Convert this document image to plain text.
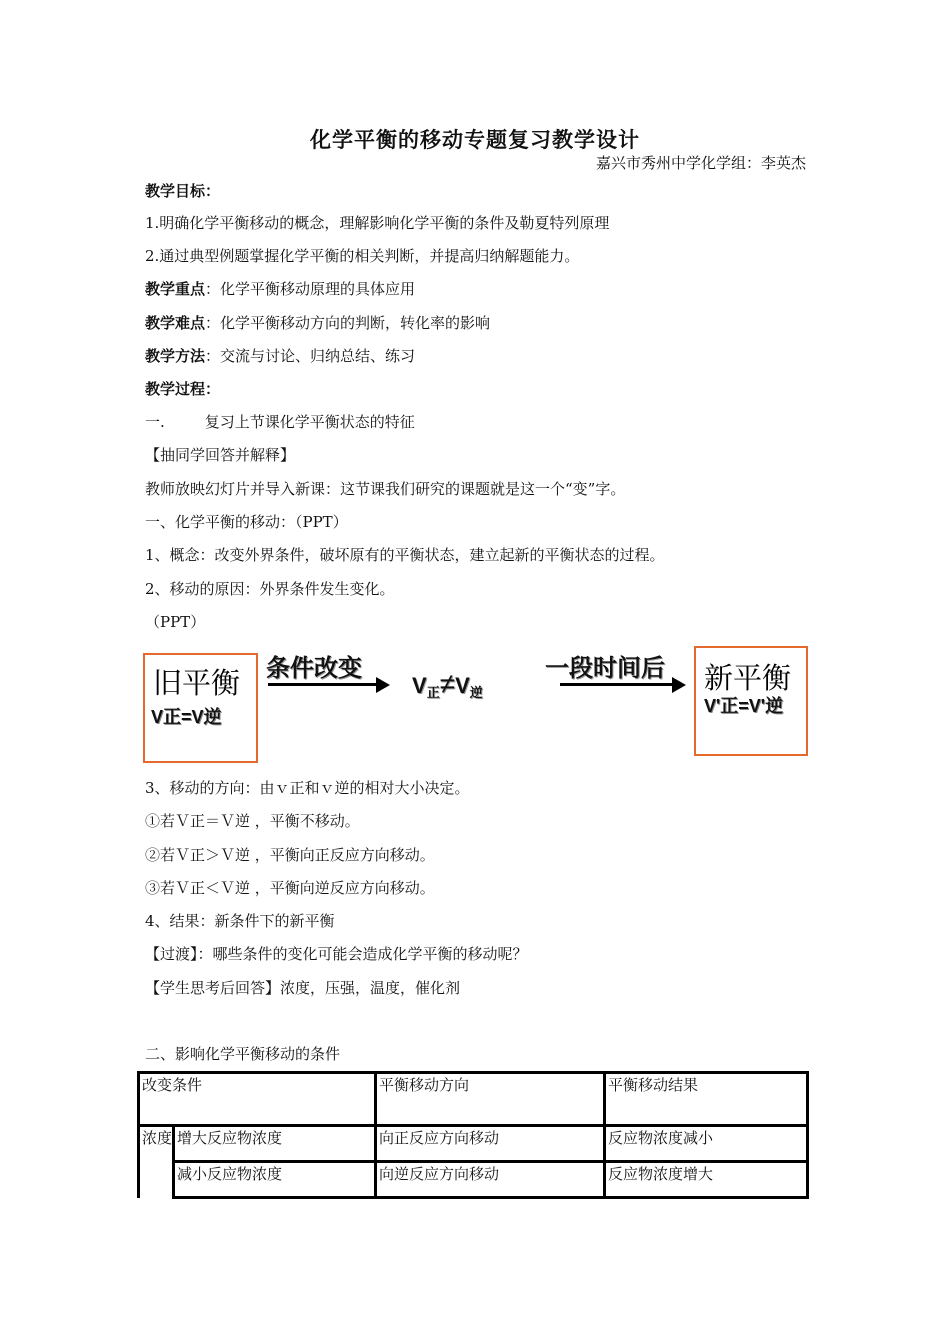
化学平衡的移动专题复习教学设计
嘉兴市秀州中学化学组：李英杰
教学目标：
1.明确化学平衡移动的概念，理解影响化学平衡的条件及勒夏特列原理
2.通过典型例题掌握化学平衡的相关判断，并提高归纳解题能力。
教学重点：化学平衡移动原理的具体应用
教学难点：化学平衡移动方向的判断，转化率的影响
教学方法：交流与讨论、归纳总结、练习
教学过程：
一.	复习上节课化学平衡状态的特征
【抽同学回答并解释】
教师放映幻灯片并导入新课：这节课我们研究的课题就是这一个“变”字。
一、化学平衡的移动：（PPT）
1、概念：改变外界条件，破坏原有的平衡状态，建立起新的平衡状态的过程。
2、移动的原因：外界条件发生变化。
（PPT）
旧平衡
V正=V逆
条件改变
$V_正\ne V_逆$
一段时间后 新平衡
V'正=V'逆
3、移动的方向：由ｖ正和ｖ逆的相对大小决定。
①若Ｖ正＝Ｖ逆 ，平衡不移动。
②若Ｖ正＞Ｖ逆 ，平衡向正反应方向移动。
③若Ｖ正＜Ｖ逆 ，平衡向逆反应方向移动。
4、结果：新条件下的新平衡
【过渡】：哪些条件的变化可能会造成化学平衡的移动呢？
【学生思考后回答】浓度，压强，温度，催化剂
二、影响化学平衡移动的条件
改变条件		平衡移动方向	平衡移动结果
浓度	增大反应物浓度	向正反应方向移动	反应物浓度减小
	减小反应物浓度	向逆反应方向移动	反应物浓度增大
